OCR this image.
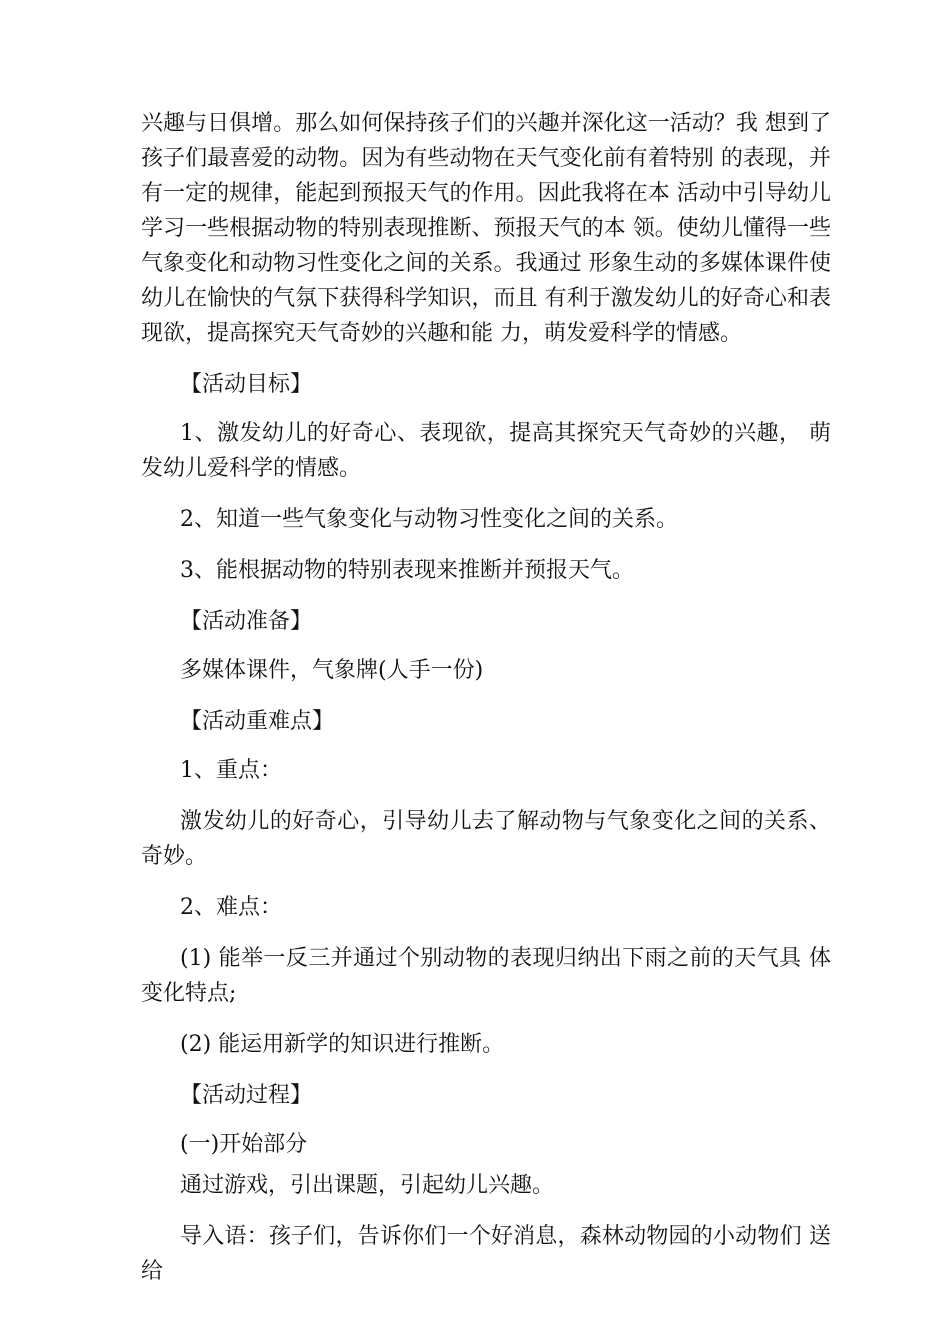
兴趣与日俱增。那么如何保持孩子们的兴趣并深化这一活动？我 想到了孩子们最喜爱的动物。因为有些动物在天气变化前有着特别 的表现，并有一定的规律，能起到预报天气的作用。因此我将在本 活动中引导幼儿学习一些根据动物的特别表现推断、预报天气的本 领。使幼儿懂得一些气象变化和动物习性变化之间的关系。我通过 形象生动的多媒体课件使幼儿在愉快的气氛下获得科学知识，而且 有利于激发幼儿的好奇心和表现欲，提高探究天气奇妙的兴趣和能 力，萌发爱科学的情感。

【活动目标】

1、激发幼儿的好奇心、表现欲，提高其探究天气奇妙的兴趣， 萌发幼儿爱科学的情感。

2、知道一些气象变化与动物习性变化之间的关系。

3、能根据动物的特别表现来推断并预报天气。

【活动准备】

多媒体课件，气象牌(人手一份)

【活动重难点】

1、重点：

激发幼儿的好奇心，引导幼儿去了解动物与气象变化之间的关系、 奇妙。

2、难点：

(1) 能举一反三并通过个别动物的表现归纳出下雨之前的天气具 体变化特点;

(2) 能运用新学的知识进行推断。

【活动过程】

(一)开始部分

通过游戏，引出课题，引起幼儿兴趣。

导入语：孩子们，告诉你们一个好消息，森林动物园的小动物们 送给
